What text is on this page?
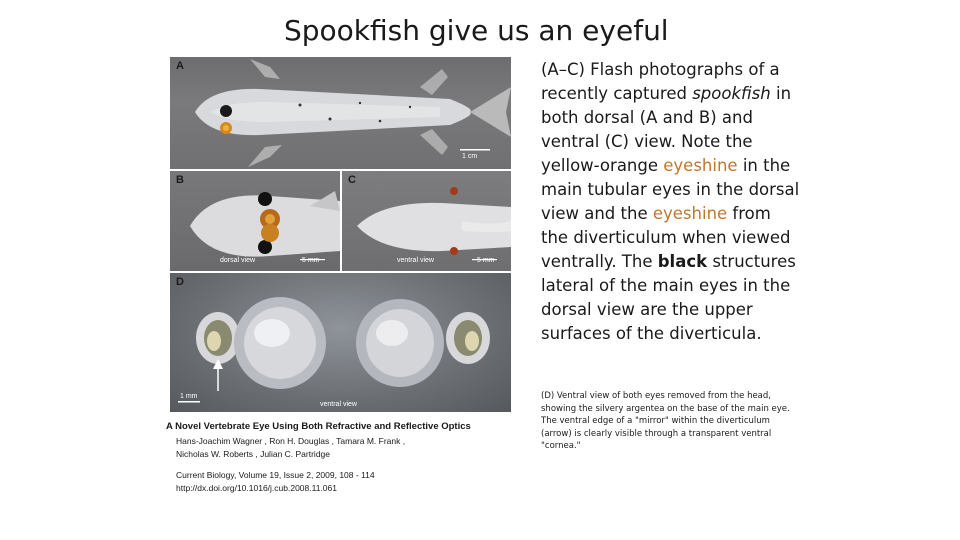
Spookfish give us an eyeful
A
1 cm
B
dorsal view	5 mm
C
ventral view	5 mm
D
1 mm
ventral view
(A–C) Flash photographs of a recently captured spookfish in both dorsal (A and B) and ventral (C) view. Note the yellow-orange eyeshine in the main tubular eyes in the dorsal view and the eyeshine from the diverticulum when viewed ventrally. The black structures lateral of the main eyes in the dorsal view are the upper surfaces of the diverticula.
(D) Ventral view of both eyes removed from the head, showing the silvery argentea on the base of the main eye. The ventral edge of a "mirror" within the diverticulum (arrow) is clearly visible through a transparent ventral "cornea."
A Novel Vertebrate Eye Using Both Refractive and Reflective Optics
Hans-Joachim Wagner , Ron H. Douglas , Tamara M. Frank ,
Nicholas W. Roberts , Julian C. Partridge
Current Biology, Volume 19, Issue 2, 2009, 108 - 114
http://dx.doi.org/10.1016/j.cub.2008.11.061
